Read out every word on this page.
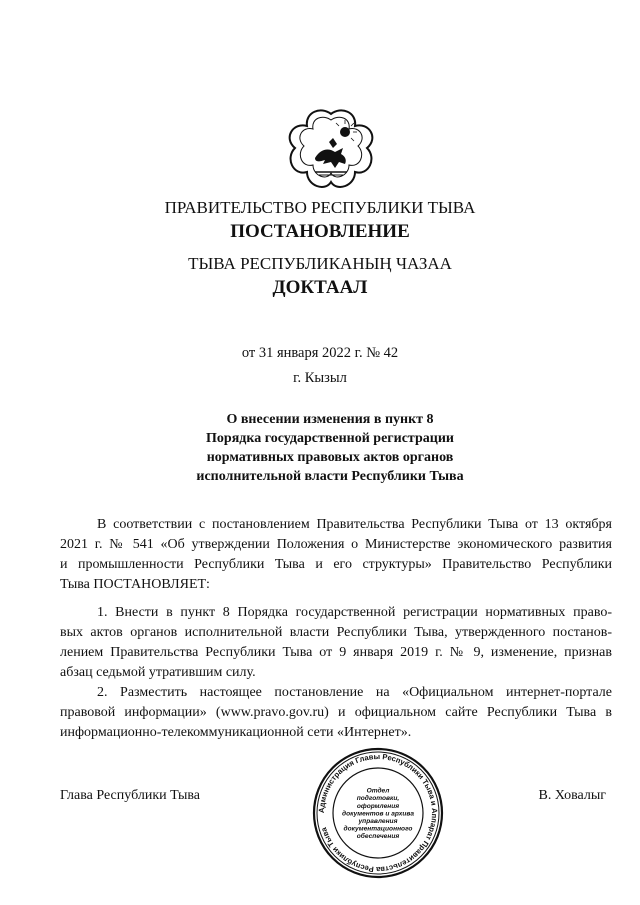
ПРАВИТЕЛЬСТВО РЕСПУБЛИКИ ТЫВА
ПОСТАНОВЛЕНИЕ
ТЫВА РЕСПУБЛИКАНЫҢ ЧАЗАА
ДОКТААЛ
от 31 января 2022 г. № 42
г. Кызыл
О внесении изменения в пункт 8
Порядка государственной регистрации
нормативных правовых актов органов
исполнительной власти Республики Тыва

В соответствии с постановлением Правительства Республики Тыва от 13 октября

2021 г. № 541 «Об утверждении Положения о Министерстве экономического развития

и промышленности Республики Тыва и его структуры» Правительство Республики

Тыва ПОСТАНОВЛЯЕТ:

1. Внести в пункт 8 Порядка государственной регистрации нормативных право-

вых актов органов исполнительной власти Республики Тыва, утвержденного постанов-

лением Правительства Республики Тыва от 9 января 2019 г. № 9, изменение, признав

абзац седьмой утратившим силу.

2. Разместить настоящее постановление на «Официальном интернет-портале

правовой информации» (www.pravo.gov.ru) и официальном сайте Республики Тыва в

информационно-телекоммуникационной сети «Интернет».

Глава Республики Тыва	В. Ховалыг
Администрация Главы Республики Тыва и Аппарат Правительства Республики Тыва
Отдел
подготовки,
оформления
документов и архива
управления
документационного
обеспечения
